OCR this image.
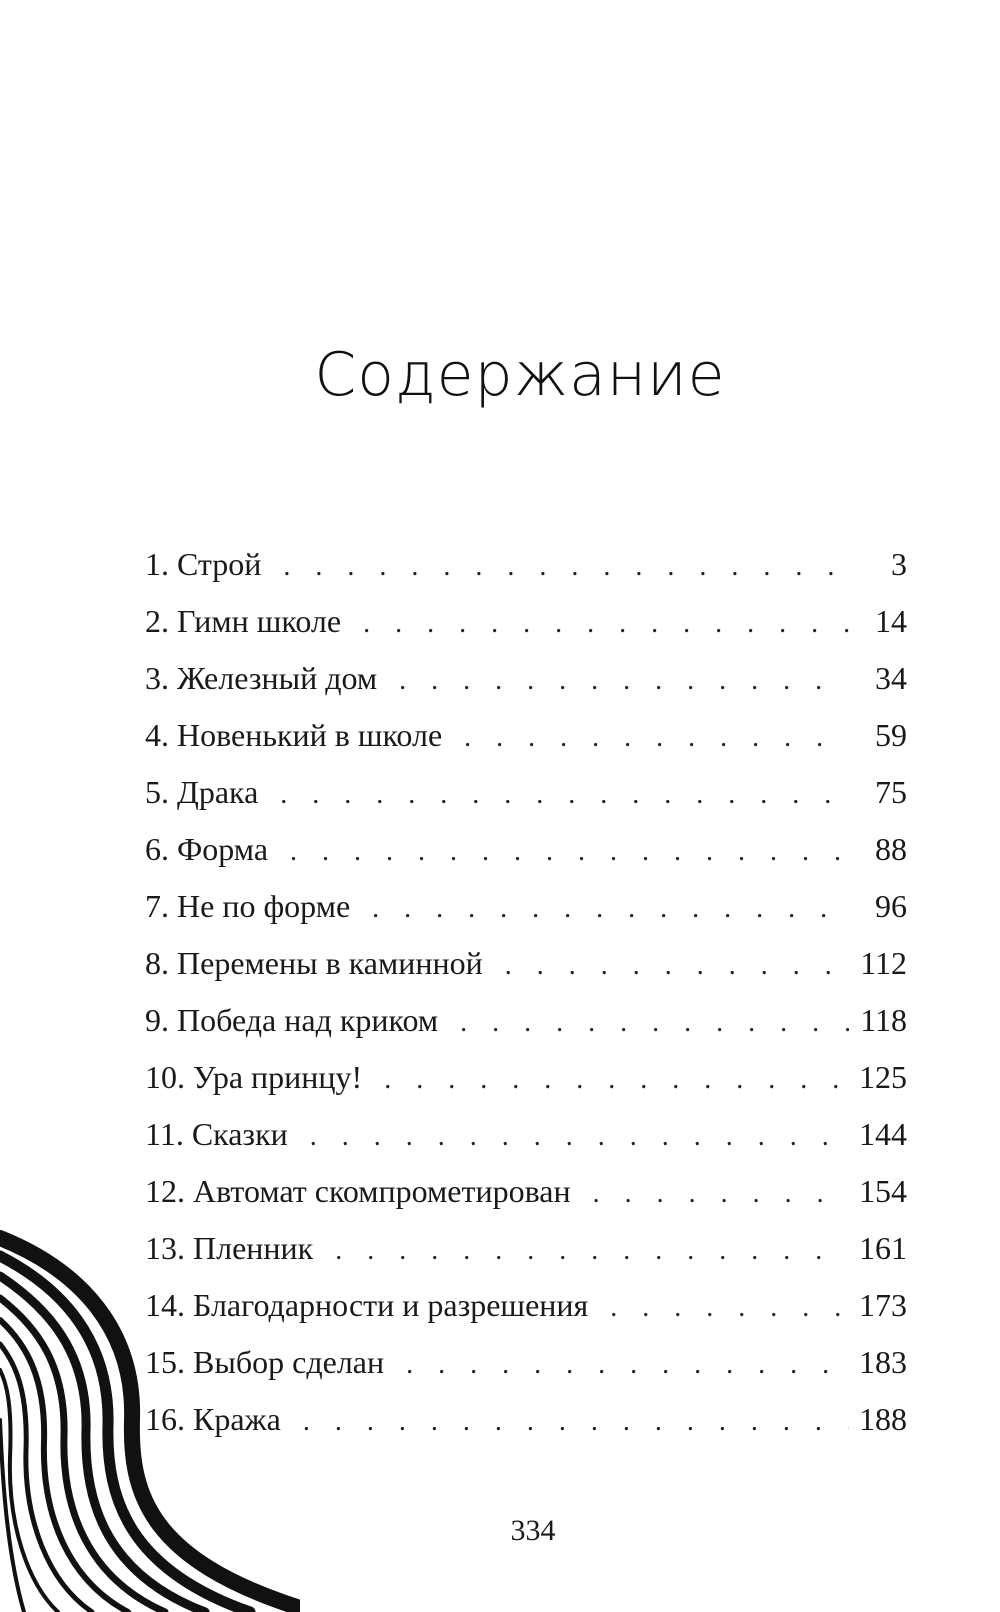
Содержание
1. Строй . . .	3
2. Гимн школе . . .	14
3. Железный дом . . .	34
4. Новенький в школе . . .	59
5. Драка . . .	75
6. Форма . . .	88
7. Не по форме . . .	96
8. Перемены в каминной . . .	112
9. Победа над криком . . .	118
10. Ура принцу! . . .	125
11. Сказки . . .	144
12. Автомат скомпрометирован . . .	154
13. Пленник . . .	161
14. Благодарности и разрешения . . .	173
15. Выбор сделан . . .	183
16. Кража . . .	188
334
